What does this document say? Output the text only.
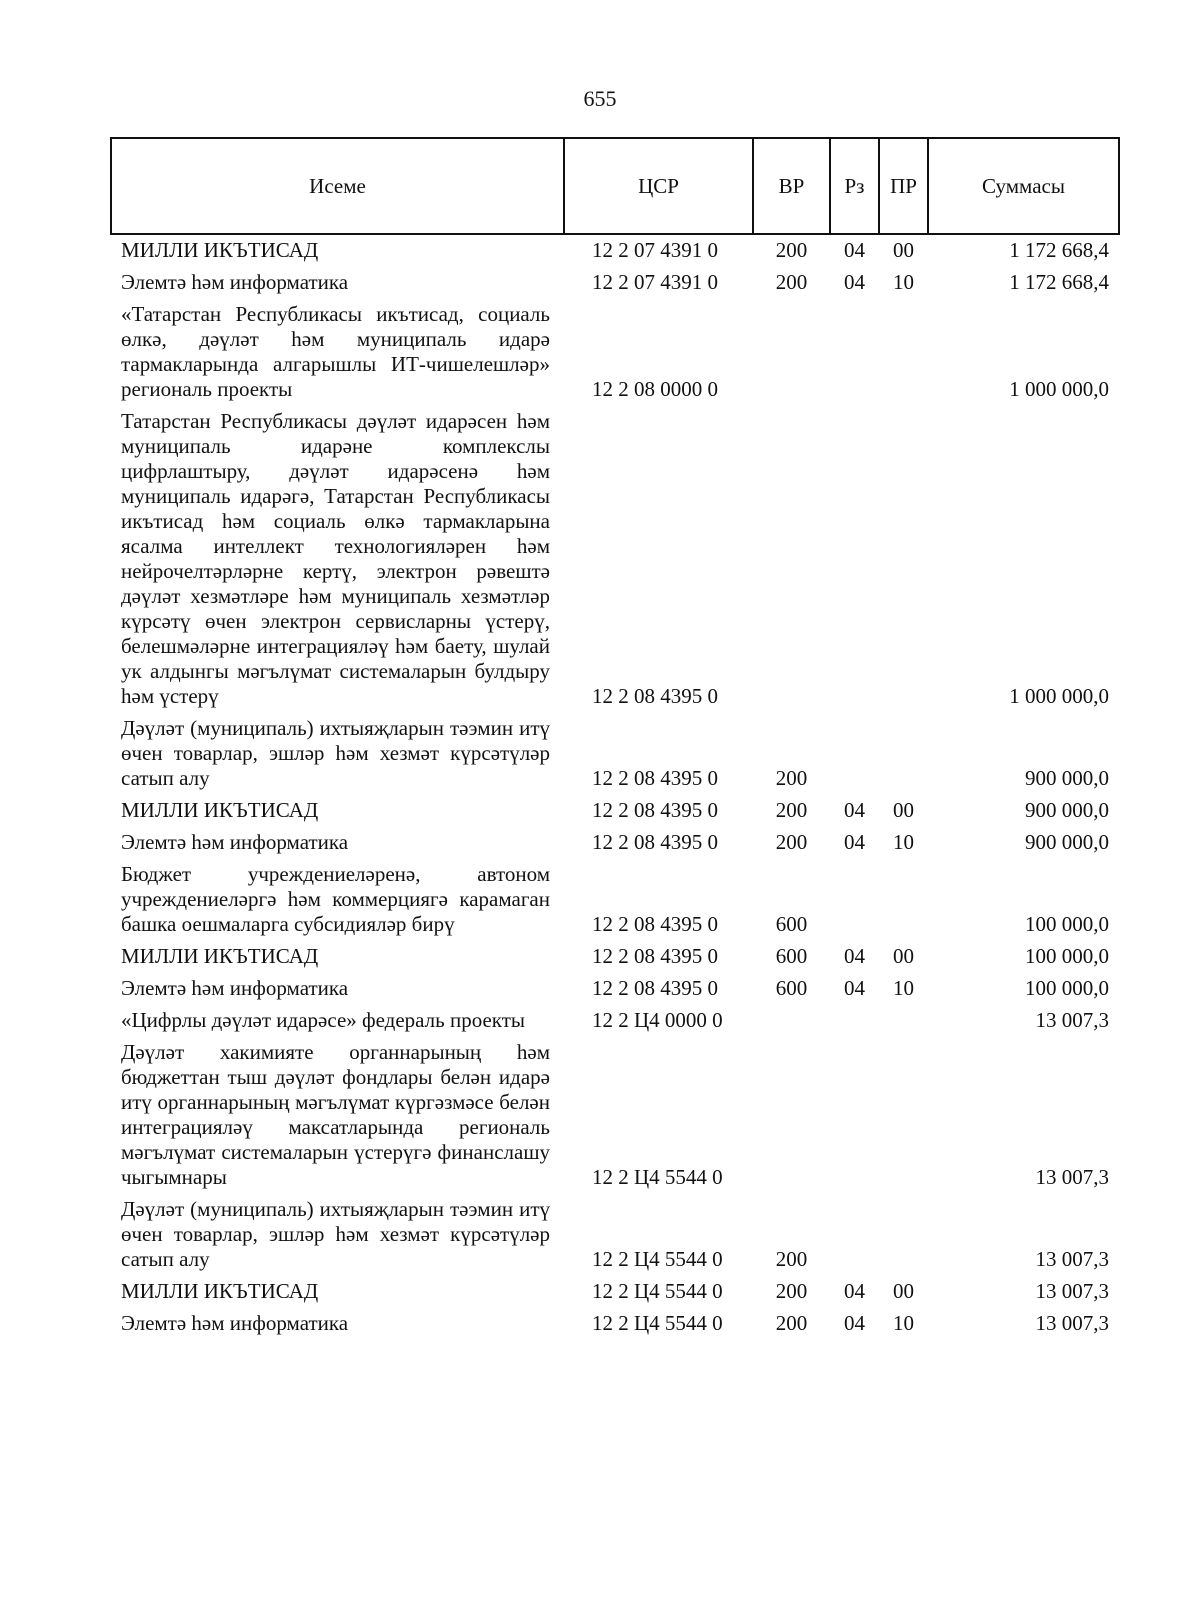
655
Исеме	ЦСР	ВР	Рз	ПР	Суммасы
МИЛЛИ ИКЪТИСАД	12 2 07 4391 0	200	04	00	1 172 668,4
Элемтә һәм информатика	12 2 07 4391 0	200	04	10	1 172 668,4
«Татарстан Республикасы икътисад, социаль өлкә, дәүләт һәм муниципаль идарә тармакларында алгарышлы ИТ-чишелешләр» региональ проекты	12 2 08 0000 0				1 000 000,0
Татарстан Республикасы дәүләт идарәсен һәм муниципаль идарәне комплекслы цифрлаштыру, дәүләт идарәсенә һәм муниципаль идарәгә, Татарстан Республикасы икътисад һәм социаль өлкә тармакларына ясалма интеллект технологияләрен һәм нейрочелтәрләрне кертү, электрон рәвештә дәүләт хезмәтләре һәм муниципаль хезмәтләр күрсәтү өчен электрон сервисларны үстерү, белешмәләрне интеграцияләү һәм баету, шулай ук алдынгы мәгълүмат системаларын булдыру һәм үстерү	12 2 08 4395 0				1 000 000,0
Дәүләт (муниципаль) ихтыяҗларын тәэмин итү өчен товарлар, эшләр һәм хезмәт күрсәтүләр сатып алу	12 2 08 4395 0	200			900 000,0
МИЛЛИ ИКЪТИСАД	12 2 08 4395 0	200	04	00	900 000,0
Элемтә һәм информатика	12 2 08 4395 0	200	04	10	900 000,0
Бюджет учреждениеләренә, автоном учреждениеләргә һәм коммерциягә карамаган башка оешмаларга субсидияләр бирү	12 2 08 4395 0	600			100 000,0
МИЛЛИ ИКЪТИСАД	12 2 08 4395 0	600	04	00	100 000,0
Элемтә һәм информатика	12 2 08 4395 0	600	04	10	100 000,0
«Цифрлы дәүләт идарәсе» федераль проекты	12 2 Ц4 0000 0				13 007,3
Дәүләт хакимияте органнарының һәм бюджеттан тыш дәүләт фондлары белән идарә итү органнарының мәгълүмат күргәзмәсе белән интеграцияләү максатларында региональ мәгълүмат системаларын үстерүгә финанслашу чыгымнары	12 2 Ц4 5544 0				13 007,3
Дәүләт (муниципаль) ихтыяҗларын тәэмин итү өчен товарлар, эшләр һәм хезмәт күрсәтүләр сатып алу	12 2 Ц4 5544 0	200			13 007,3
МИЛЛИ ИКЪТИСАД	12 2 Ц4 5544 0	200	04	00	13 007,3
Элемтә һәм информатика	12 2 Ц4 5544 0	200	04	10	13 007,3
